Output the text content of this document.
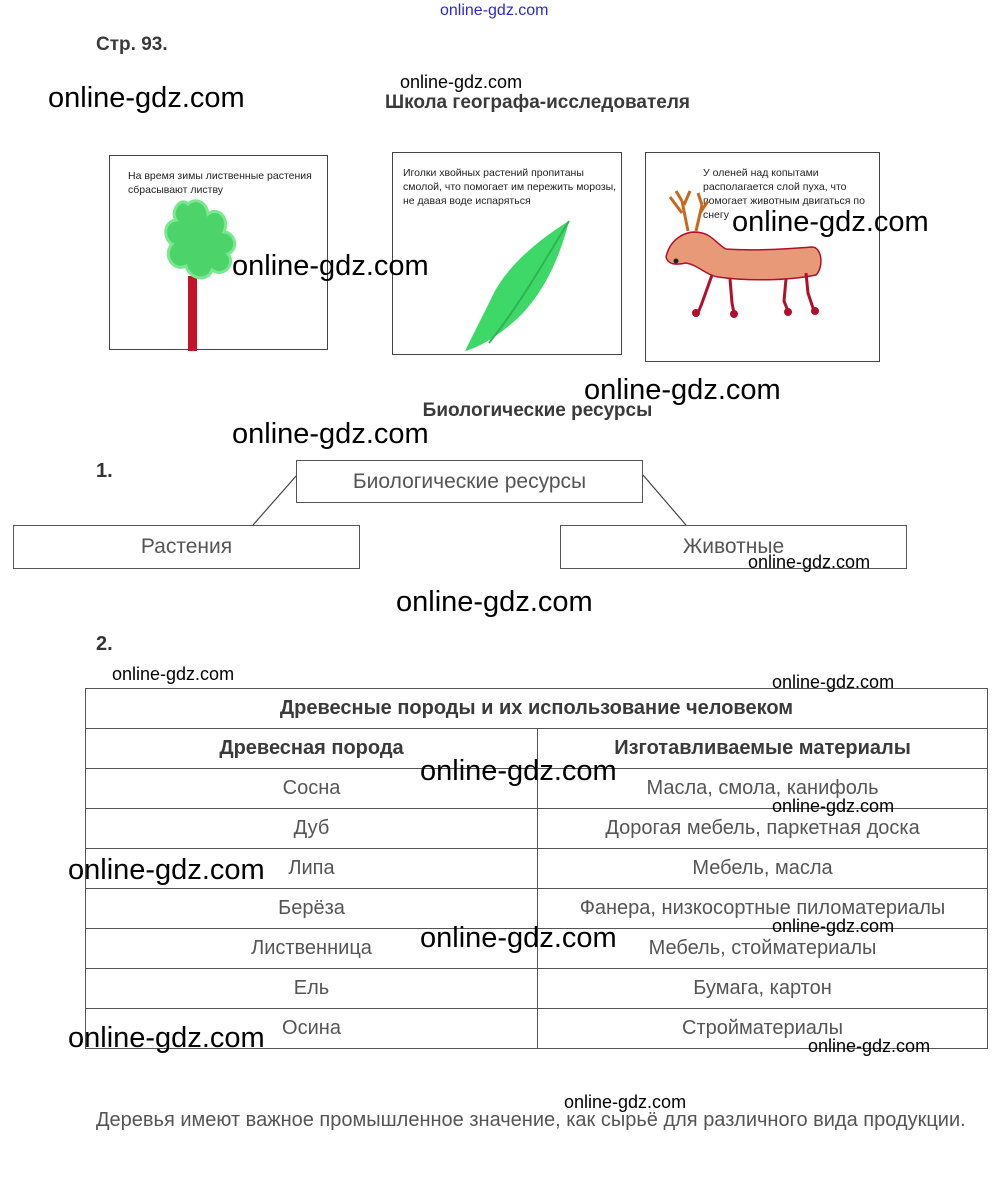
online-gdz.com
Стр. 93.
Школа географа-исследователя
На время зимы лиственные растения сбрасывают листву
Иголки хвойных растений пропитаны смолой, что помогает им пережить морозы, не давая воде испаряться
У оленей над копытами располагается слой пуха, что помогает животным двигаться по снегу
Биологические ресурсы
1.	Биологические ресурсы
Растения	Животные
2.
Древесные породы и их использование человеком	
Древесная порода	Изготавливаемые материалы
Сосна	Масла, смола, канифоль
Дуб	Дорогая мебель, паркетная доска
Липа	Мебель, масла
Берёза	Фанера, низкосортные пиломатериалы
Лиственница	Мебель, стойматериалы
Ель	Бумага, картон
Осина	Стройматериалы
Деревья имеют важное промышленное значение, как сырьё для различного вида продукции.
online-gdz.com	online-gdz.com
online-gdz.com
online-gdz.com
online-gdz.com
online-gdz.com
online-gdz.com
online-gdz.com
online-gdz.com	online-gdz.com
online-gdz.com
online-gdz.com
online-gdz.com
online-gdz.com
online-gdz.com
online-gdz.com	online-gdz.com
online-gdz.com
